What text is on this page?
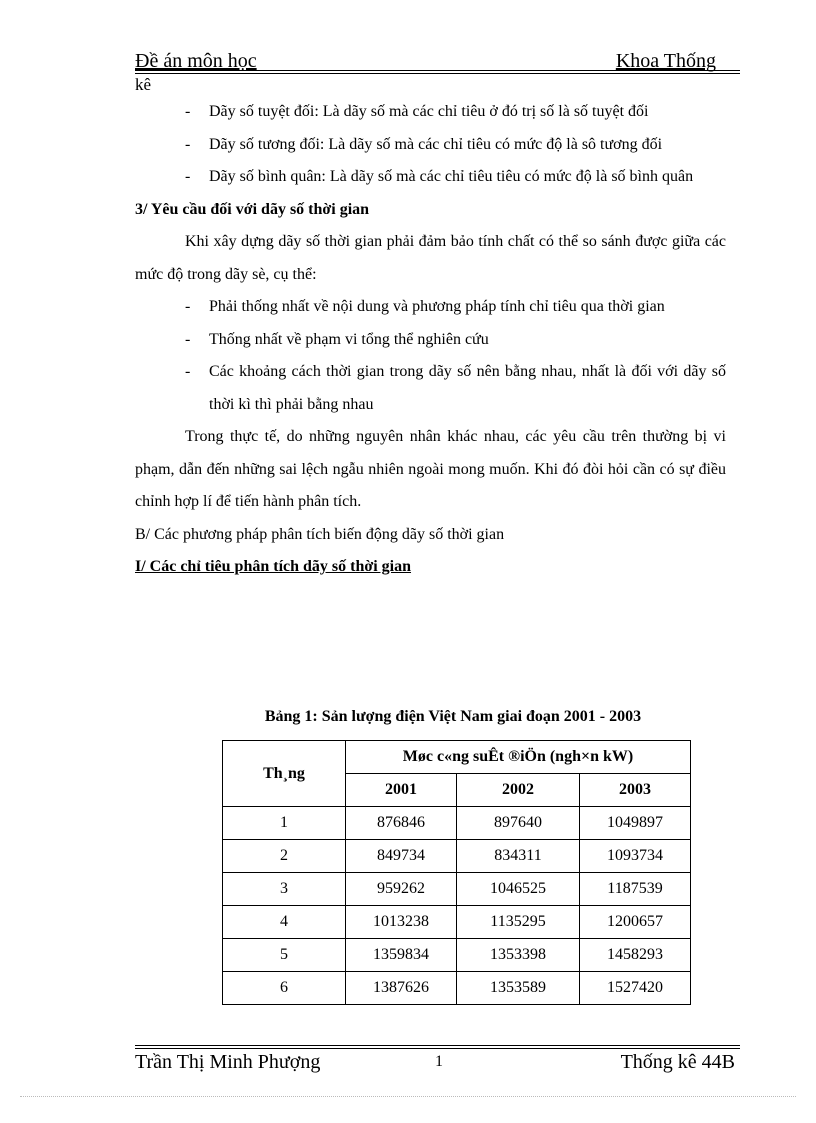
Đề án môn học	Khoa Thống
kê
-	Dãy số tuyệt đối: Là dãy số mà các chỉ tiêu ở đó trị số là số tuyệt đối
-	Dãy số tương đối: Là dãy số mà các chỉ tiêu có mức độ là sô tương đối
-	Dãy số bình quân: Là dãy số mà các chỉ tiêu tiêu có mức độ là số bình quân

3/ Yêu cầu đối với dãy số thời gian

Khi xây dựng dãy số thời gian phải đảm bảo tính chất có thể so sánh được giữa các mức độ trong dãy sè, cụ thể:

-	Phải thống nhất về nội dung và phương pháp tính chỉ tiêu qua thời gian
-	Thống nhất về phạm vi tổng thể nghiên cứu
-	Các khoảng cách thời gian trong dãy số nên bằng nhau, nhất là đối với dãy số thời kì thì phải bằng nhau

Trong thực tế, do những nguyên nhân khác nhau, các yêu cầu trên thường bị vi phạm, dẫn đến những sai lệch ngẫu nhiên ngoài mong muốn. Khi đó đòi hỏi cần có sự điều chỉnh hợp lí để tiến hành phân tích.

B/ Các phương pháp phân tích biến động dãy số thời gian

I/ Các chỉ tiêu phân tích dãy số thời gian

Bảng 1: Sản lượng điện Việt Nam giai đoạn 2001 - 2003
Th¸ng	Møc c«ng suÊt ®iÖn (ngh×n kW)		
	2001	2002	2003
1	876846	897640	1049897
2	849734	834311	1093734
3	959262	1046525	1187539
4	1013238	1135295	1200657
5	1359834	1353398	1458293
6	1387626	1353589	1527420
Trần Thị Minh Phượng	1	Thống kê 44B
